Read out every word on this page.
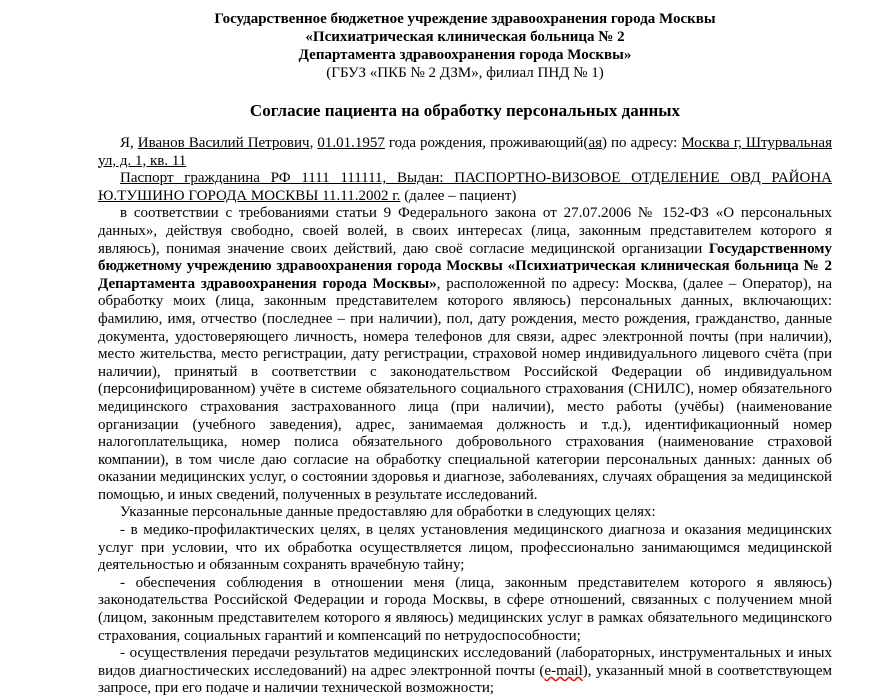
Государственное бюджетное учреждение здравоохранения города Москвы
«Психиатрическая клиническая больница № 2
Департамента здравоохранения города Москвы»
(ГБУЗ «ПКБ № 2 ДЗМ», филиал ПНД № 1)
Согласие пациента на обработку персональных данных

Я, Иванов Василий Петрович, 01.01.1957 года рождения, проживающий(ая) по адресу: Москва г, Штурвальная ул, д. 1, кв. 11

Паспорт гражданина РФ 1111 111111, Выдан: ПАСПОРТНО-ВИЗОВОЕ ОТДЕЛЕНИЕ ОВД РАЙОНА Ю.ТУШИНО ГОРОДА МОСКВЫ 11.11.2002 г. (далее – пациент)

в соответствии с требованиями статьи 9 Федерального закона от 27.07.2006 № 152-ФЗ «О персональных данных», действуя свободно, своей волей, в своих интересах (лица, законным представителем которого я являюсь), понимая значение своих действий, даю своё согласие медицинской организации Государственному бюджетному учреждению здравоохранения города Москвы «Психиатрическая клиническая больница № 2 Департамента здравоохранения города Москвы», расположенной по адресу: Москва, (далее – Оператор), на обработку моих (лица, законным представителем которого являюсь) персональных данных, включающих: фамилию, имя, отчество (последнее – при наличии), пол, дату рождения, место рождения, гражданство, данные документа, удостоверяющего личность, номера телефонов для связи, адрес электронной почты (при наличии), место жительства, место регистрации, дату регистрации, страховой номер индивидуального лицевого счёта (при наличии), принятый в соответствии с законодательством Российской Федерации об индивидуальном (персонифицированном) учёте в системе обязательного социального страхования (СНИЛС), номер обязательного медицинского страхования застрахованного лица (при наличии), место работы (учёбы) (наименование организации (учебного заведения), адрес, занимаемая должность и т.д.), идентификационный номер налогоплательщика, номер полиса обязательного добровольного страхования (наименование страховой компании), в том числе даю согласие на обработку специальной категории персональных данных: данных об оказании медицинских услуг, о состоянии здоровья и диагнозе, заболеваниях, случаях обращения за медицинской помощью, и иных сведений, полученных в результате исследований.

Указанные персональные данные предоставляю для обработки в следующих целях:

- в медико-профилактических целях, в целях установления медицинского диагноза и оказания медицинских услуг при условии, что их обработка осуществляется лицом, профессионально занимающимся медицинской деятельностью и обязанным сохранять врачебную тайну;

- обеспечения соблюдения в отношении меня (лица, законным представителем которого я являюсь) законодательства Российской Федерации и города Москвы, в сфере отношений, связанных с получением мной (лицом, законным представителем которого я являюсь) медицинских услуг в рамках обязательного медицинского страхования, социальных гарантий и компенсаций по нетрудоспособности;

- осуществления передачи результатов медицинских исследований (лабораторных, инструментальных и иных видов диагностических исследований) на адрес электронной почты (e-mail), указанный мной в соответствующем запросе, при его подаче и наличии технической возможности;
